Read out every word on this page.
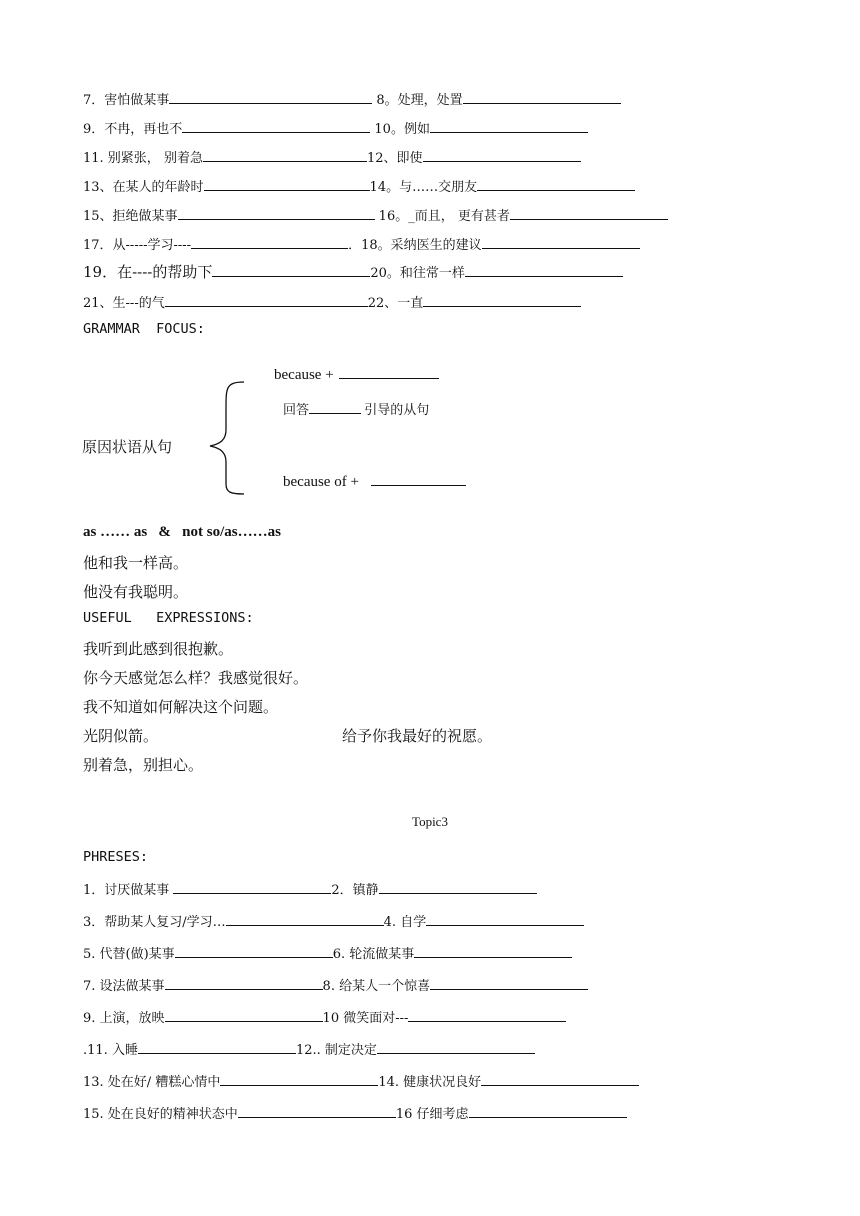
7．害怕做某事	8。处理，处置
9．不冉，再也不	10。例如
11. 别紧张， 别着急	12、即使
13、在某人的年龄时	14。与……交朋友
15、拒绝做某事	16。_而且， 更有甚者
17．从-----学习----	．18。采纳医生的建议
19．在----的帮助下	20。和往常一样
21、生---的气	22、一直
GRAMMAR  FOCUS:
because +
回答	引导的从句
原因状语从句
because of +
as …… as   &   not so/as……as
他和我一样高。
他没有我聪明。
USEFUL   EXPRESSIONS:
我听到此感到很抱歉。
你今天感觉怎么样？我感觉很好。
我不知道如何解决这个问题。
光阴似箭。	给予你我最好的祝愿。
别着急，别担心。
Topic3
PHRESES:
1．讨厌做某事	2．镇静
3．帮助某人复习/学习…	4. 自学
5. 代替(做)某事	6. 轮流做某事
7. 设法做某事	8. 给某人一个惊喜
9. 上演，放映	10 微笑面对---
.11. 入睡	12.. 制定决定
13. 处在好/ 糟糕心情中	14. 健康状况良好
15. 处在良好的精神状态中	16 仔细考虑
